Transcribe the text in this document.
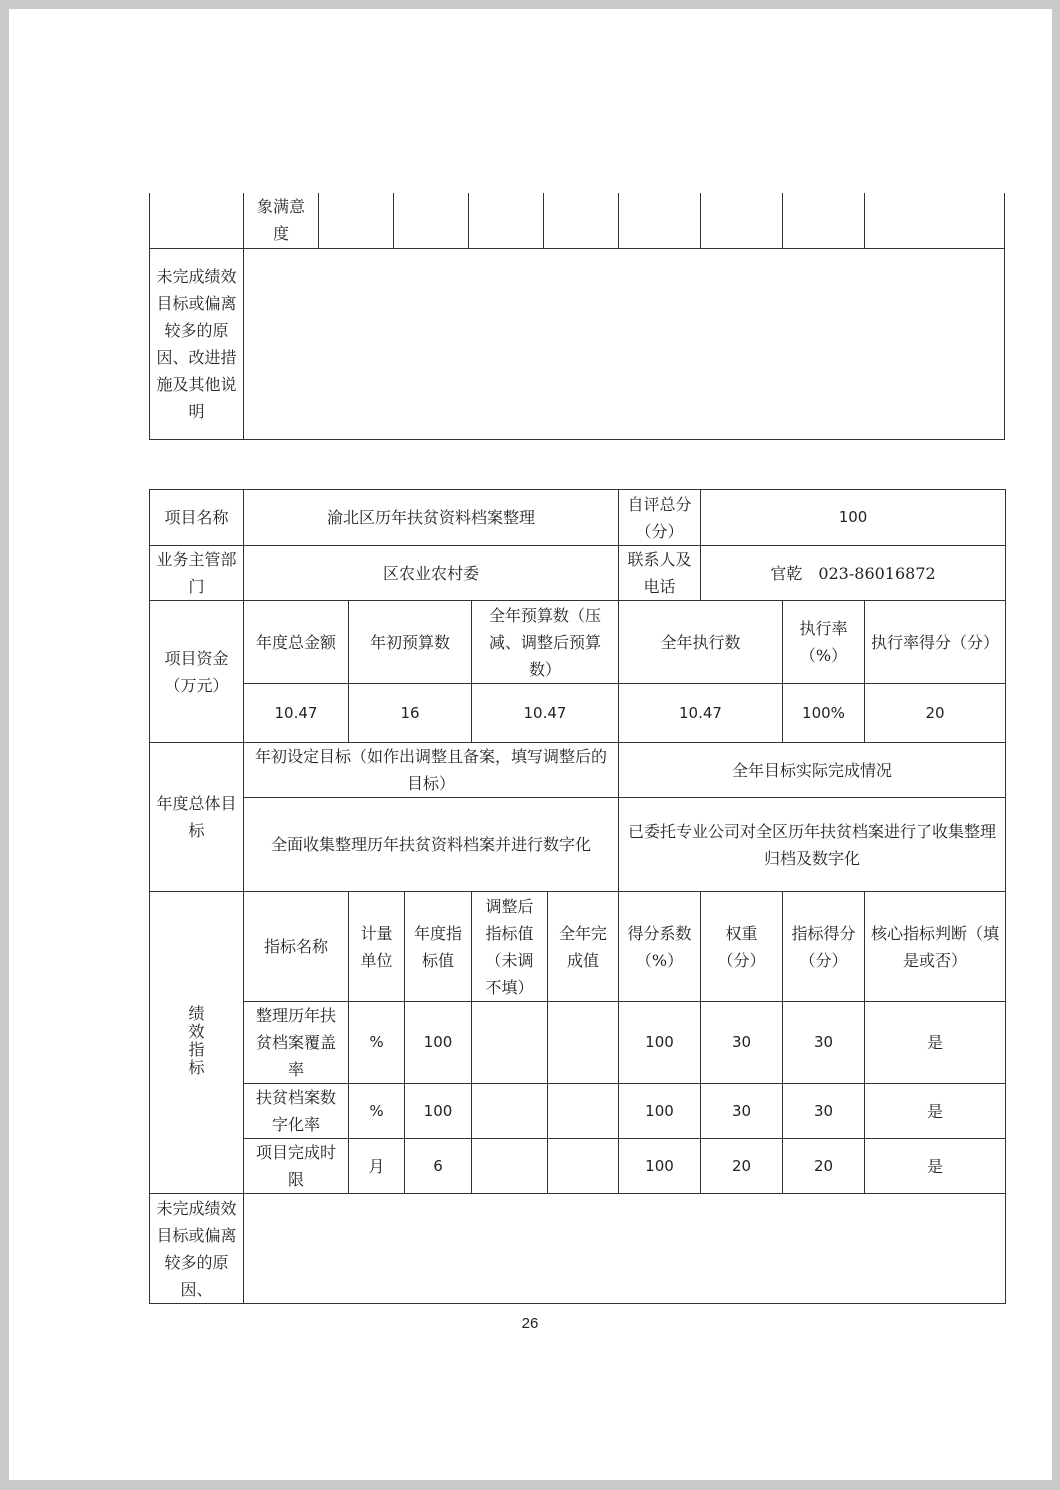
	象满意度								
未完成绩效目标或偏离较多的原因、改进措施及其他说明									
项目名称	渝北区历年扶贫资料档案整理					自评总分（分）	100		
业务主管部门	区农业农村委					联系人及电话	官乾　023-86016872		
项目资金（万元）	年度总金额	年初预算数		全年预算数（压减、调整后预算数）		全年执行数		执行率（%）	执行率得分（分）
	10.47	16		10.47		10.47		100%	20
年度总体目标	年初设定目标（如作出调整且备案，填写调整后的目标）					全年目标实际完成情况			
	全面收集整理历年扶贫资料档案并进行数字化					已委托专业公司对全区历年扶贫档案进行了收集整理归档及数字化			
绩效指标	指标名称	计量单位	年度指标值	调整后指标值（未调不填）	全年完成值	得分系数（%）	权重（分）	指标得分（分）	核心指标判断（填是或否）
	整理历年扶贫档案覆盖率	%	100			100	30	30	是
	扶贫档案数字化率	%	100			100	30	30	是
	项目完成时限	月	6			100	20	20	是
未完成绩效目标或偏离较多的原因、									
26
